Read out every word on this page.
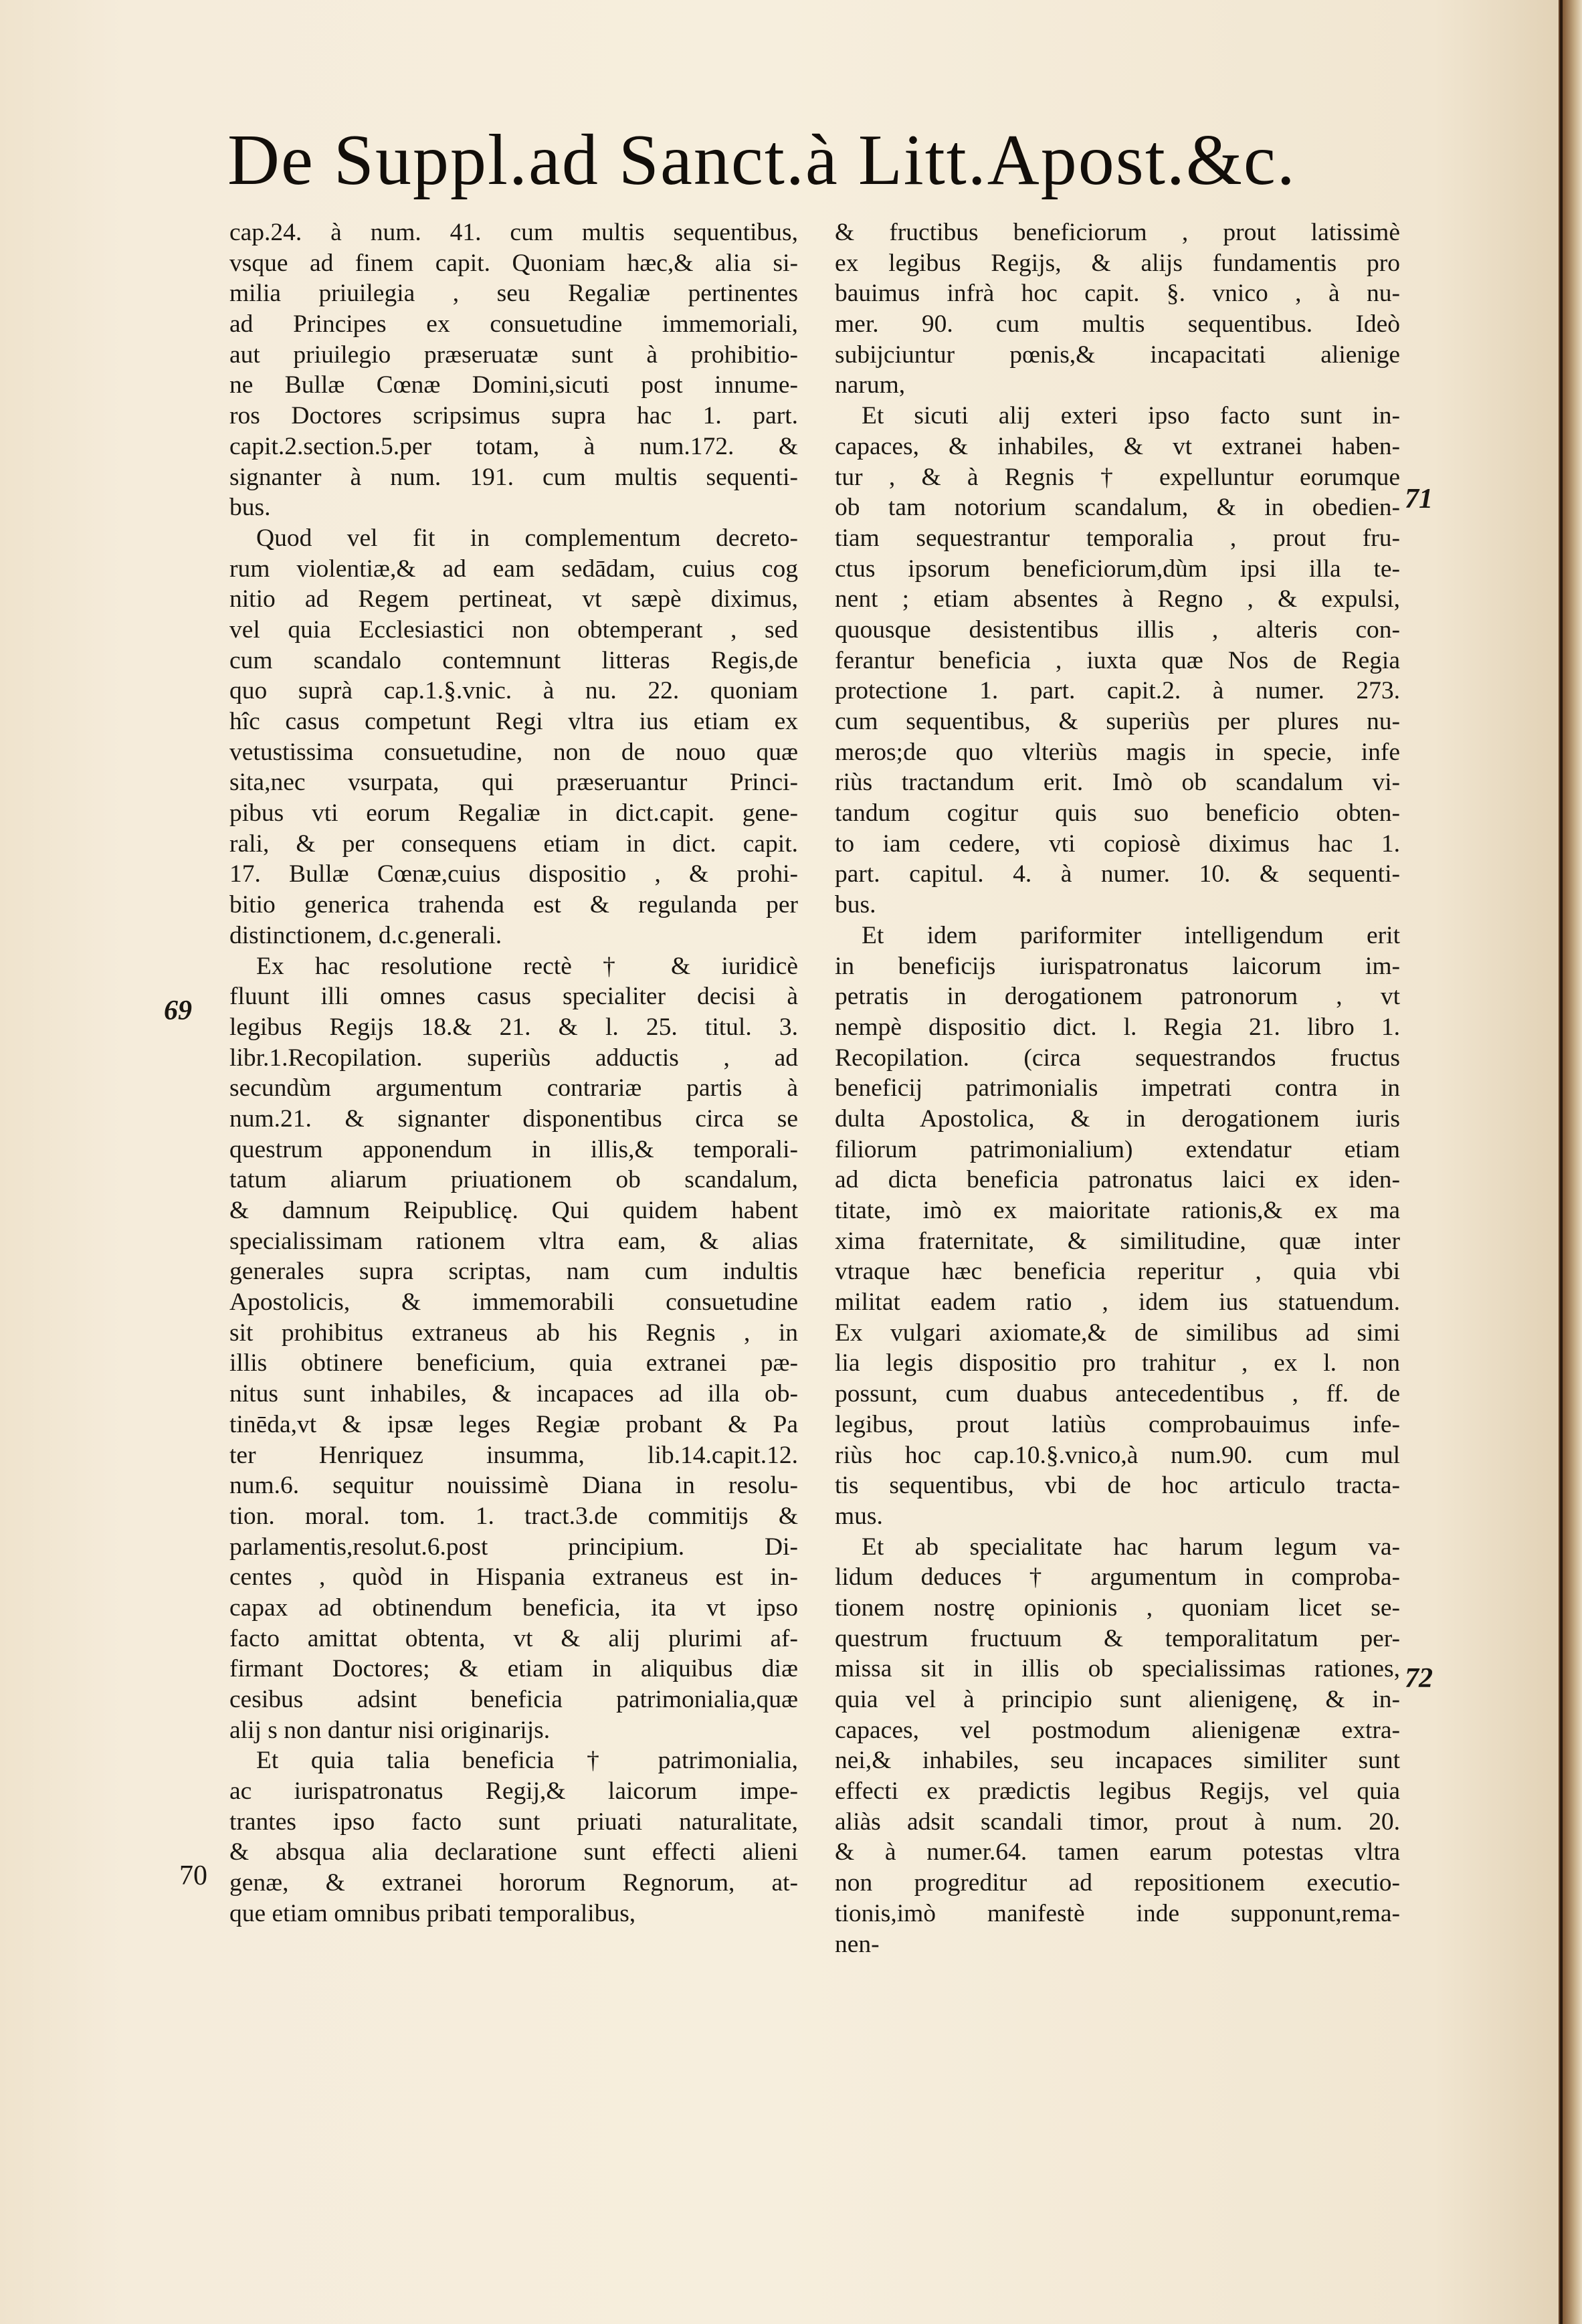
De Suppl.ad Sanct.à Litt.Apost.&c.
cap.24. à num. 41. cum multis sequentibus,
vsque ad finem capit. Quoniam hæc,& alia si-
milia priuilegia , seu Regaliæ pertinentes
ad Principes ex consuetudine immemoriali,
aut priuilegio præseruatæ sunt à prohibitio-
ne Bullæ Cœnæ Domini,sicuti post innume-
ros Doctores scripsimus supra hac 1. part.
capit.2.section.5.per totam, à num.172. &
signanter à num. 191. cum multis sequenti-
bus.
Quod vel fit in complementum decreto-
rum violentiæ,& ad eam sedādam, cuius cog
nitio ad Regem pertineat, vt sæpè diximus,
vel quia Ecclesiastici non obtemperant , sed
cum scandalo contemnunt litteras Regis,de
quo suprà cap.1.§.vnic. à nu. 22. quoniam
hîc casus competunt Regi vltra ius etiam ex
vetustissima consuetudine, non de nouo quæ
sita,nec vsurpata, qui præseruantur Princi-
pibus vti eorum Regaliæ in dict.capit. gene-
rali, & per consequens etiam in dict. capit.
17. Bullæ Cœnæ,cuius dispositio , & prohi-
bitio generica trahenda est & regulanda per
distinctionem, d.c.generali.
Ex hac resolutione rectè † & iuridicè
fluunt illi omnes casus specialiter decisi à
legibus Regijs 18.& 21. & l. 25. titul. 3.
libr.1.Recopilation. superiùs adductis , ad
secundùm argumentum contrariæ partis à
num.21. & signanter disponentibus circa se
questrum apponendum in illis,& temporali-
tatum aliarum priuationem ob scandalum,
& damnum Reipublicę. Qui quidem habent
specialissimam rationem vltra eam, & alias
generales supra scriptas, nam cum indultis
Apostolicis, & immemorabili consuetudine
sit prohibitus extraneus ab his Regnis , in
illis obtinere beneficium, quia extranei pæ-
nitus sunt inhabiles, & incapaces ad illa ob-
tinēda,vt & ipsæ leges Regiæ probant & Pa
ter Henriquez insumma, lib.14.capit.12.
num.6. sequitur nouissimè Diana in resolu-
tion. moral. tom. 1. tract.3.de commitijs &
parlamentis,resolut.6.post principium. Di-
centes , quòd in Hispania extraneus est in-
capax ad obtinendum beneficia, ita vt ipso
facto amittat obtenta, vt & alij plurimi af-
firmant Doctores; & etiam in aliquibus diæ
cesibus adsint beneficia patrimonialia,quæ
alij s non dantur nisi originarijs.
Et quia talia beneficia † patrimonialia,
ac iurispatronatus Regij,& laicorum impe-
trantes ipso facto sunt priuati naturalitate,
& absqua alia declaratione sunt effecti alieni
genæ, & extranei hororum Regnorum, at-
que etiam omnibus pribati temporalibus,
& fructibus beneficiorum , prout latissimè
ex legibus Regijs, & alijs fundamentis pro
bauimus infrà hoc capit. §. vnico , à nu-
mer. 90. cum multis sequentibus. Ideò
subijciuntur pœnis,& incapacitati alienige
narum,
Et sicuti alij exteri ipso facto sunt in-
capaces, & inhabiles, & vt extranei haben-
tur , & à Regnis † expelluntur eorumque
ob tam notorium scandalum, & in obedien-
tiam sequestrantur temporalia , prout fru-
ctus ipsorum beneficiorum,dùm ipsi illa te-
nent ; etiam absentes à Regno , & expulsi,
quousque desistentibus illis , alteris con-
ferantur beneficia , iuxta quæ Nos de Regia
protectione 1. part. capit.2. à numer. 273.
cum sequentibus, & superiùs per plures nu-
meros;de quo vlteriùs magis in specie, infe
riùs tractandum erit. Imò ob scandalum vi-
tandum cogitur quis suo beneficio obten-
to iam cedere, vti copiosè diximus hac 1.
part. capitul. 4. à numer. 10. & sequenti-
bus.
Et idem pariformiter intelligendum erit
in beneficijs iurispatronatus laicorum im-
petratis in derogationem patronorum , vt
nempè dispositio dict. l. Regia 21. libro 1.
Recopilation. (circa sequestrandos fructus
beneficij patrimonialis impetrati contra in
dulta Apostolica, & in derogationem iuris
filiorum patrimonialium) extendatur etiam
ad dicta beneficia patronatus laici ex iden-
titate, imò ex maioritate rationis,& ex ma
xima fraternitate, & similitudine, quæ inter
vtraque hæc beneficia reperitur , quia vbi
militat eadem ratio , idem ius statuendum.
Ex vulgari axiomate,& de similibus ad simi
lia legis dispositio pro trahitur , ex l. non
possunt, cum duabus antecedentibus , ff. de
legibus, prout latiùs comprobauimus infe-
riùs hoc cap.10.§.vnico,à num.90. cum mul
tis sequentibus, vbi de hoc articulo tracta-
mus.
Et ab specialitate hac harum legum va-
lidum deduces † argumentum in comproba-
tionem nostrę opinionis , quoniam licet se-
questrum fructuum & temporalitatum per-
missa sit in illis ob specialissimas rationes,
quia vel à principio sunt alienigenę, & in-
capaces, vel postmodum alienigenæ extra-
nei,& inhabiles, seu incapaces similiter sunt
effecti ex prædictis legibus Regijs, vel quia
aliàs adsit scandali timor, prout à num. 20.
& à numer.64. tamen earum potestas vltra
non progreditur ad repositionem executio-
tionis,imò manifestè inde supponunt,rema-
nen-
69
70
71
72
